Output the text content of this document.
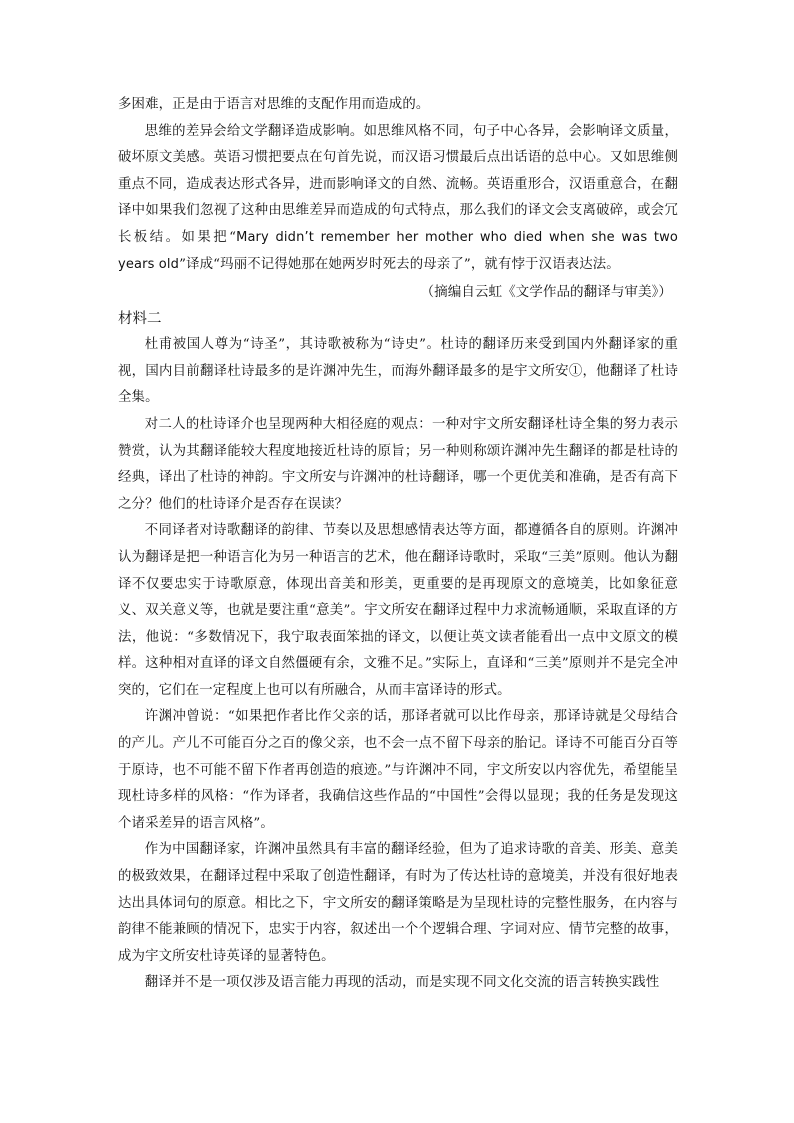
多困难，正是由于语言对思维的支配作用而造成的。

思维的差异会给文学翻译造成影响。如思维风格不同，句子中心各异，会影响译文质量，破坏原文美感。英语习惯把要点在句首先说，而汉语习惯最后点出话语的总中心。又如思维侧重点不同，造成表达形式各异，进而影响译文的自然、流畅。英语重形合，汉语重意合，在翻译中如果我们忽视了这种由思维差异而造成的句式特点，那么我们的译文会支离破碎，或会冗长板结。如果把“Mary didn’t remember her mother who died when she was two years old”译成“玛丽不记得她那在她两岁时死去的母亲了”，就有悖于汉语表达法。

（摘编自云虹《文学作品的翻译与审美》）

材料二

杜甫被国人尊为“诗圣”，其诗歌被称为“诗史”。杜诗的翻译历来受到国内外翻译家的重视，国内目前翻译杜诗最多的是许渊冲先生，而海外翻译最多的是宇文所安①，他翻译了杜诗全集。

对二人的杜诗译介也呈现两种大相径庭的观点：一种对宇文所安翻译杜诗全集的努力表示赞赏，认为其翻译能较大程度地接近杜诗的原旨；另一种则称颂许渊冲先生翻译的都是杜诗的经典，译出了杜诗的神韵。宇文所安与许渊冲的杜诗翻译，哪一个更优美和准确，是否有高下之分？他们的杜诗译介是否存在误读？

不同译者对诗歌翻译的韵律、节奏以及思想感情表达等方面，都遵循各自的原则。许渊冲认为翻译是把一种语言化为另一种语言的艺术，他在翻译诗歌时，采取“三美”原则。他认为翻译不仅要忠实于诗歌原意，体现出音美和形美，更重要的是再现原文的意境美，比如象征意义、双关意义等，也就是要注重“意美”。宇文所安在翻译过程中力求流畅通顺，采取直译的方法，他说：“多数情况下，我宁取表面笨拙的译文，以便让英文读者能看出一点中文原文的模样。这种相对直译的译文自然僵硬有余，文雅不足。”实际上，直译和“三美”原则并不是完全冲突的，它们在一定程度上也可以有所融合，从而丰富译诗的形式。

许渊冲曾说：“如果把作者比作父亲的话，那译者就可以比作母亲，那译诗就是父母结合的产儿。产儿不可能百分之百的像父亲，也不会一点不留下母亲的胎记。译诗不可能百分百等于原诗，也不可能不留下作者再创造的痕迹。”与许渊冲不同，宇文所安以内容优先，希望能呈现杜诗多样的风格：“作为译者，我确信这些作品的“中国性”会得以显现；我的任务是发现这个诸采差异的语言风格”。

作为中国翻译家，许渊冲虽然具有丰富的翻译经验，但为了追求诗歌的音美、形美、意美的极致效果，在翻译过程中采取了创造性翻译，有时为了传达杜诗的意境美，并没有很好地表达出具体词句的原意。相比之下，宇文所安的翻译策略是为呈现杜诗的完整性服务，在内容与韵律不能兼顾的情况下，忠实于内容，叙述出一个个逻辑合理、字词对应、情节完整的故事，成为宇文所安杜诗英译的显著特色。

翻译并不是一项仅涉及语言能力再现的活动，而是实现不同文化交流的语言转换实践性
